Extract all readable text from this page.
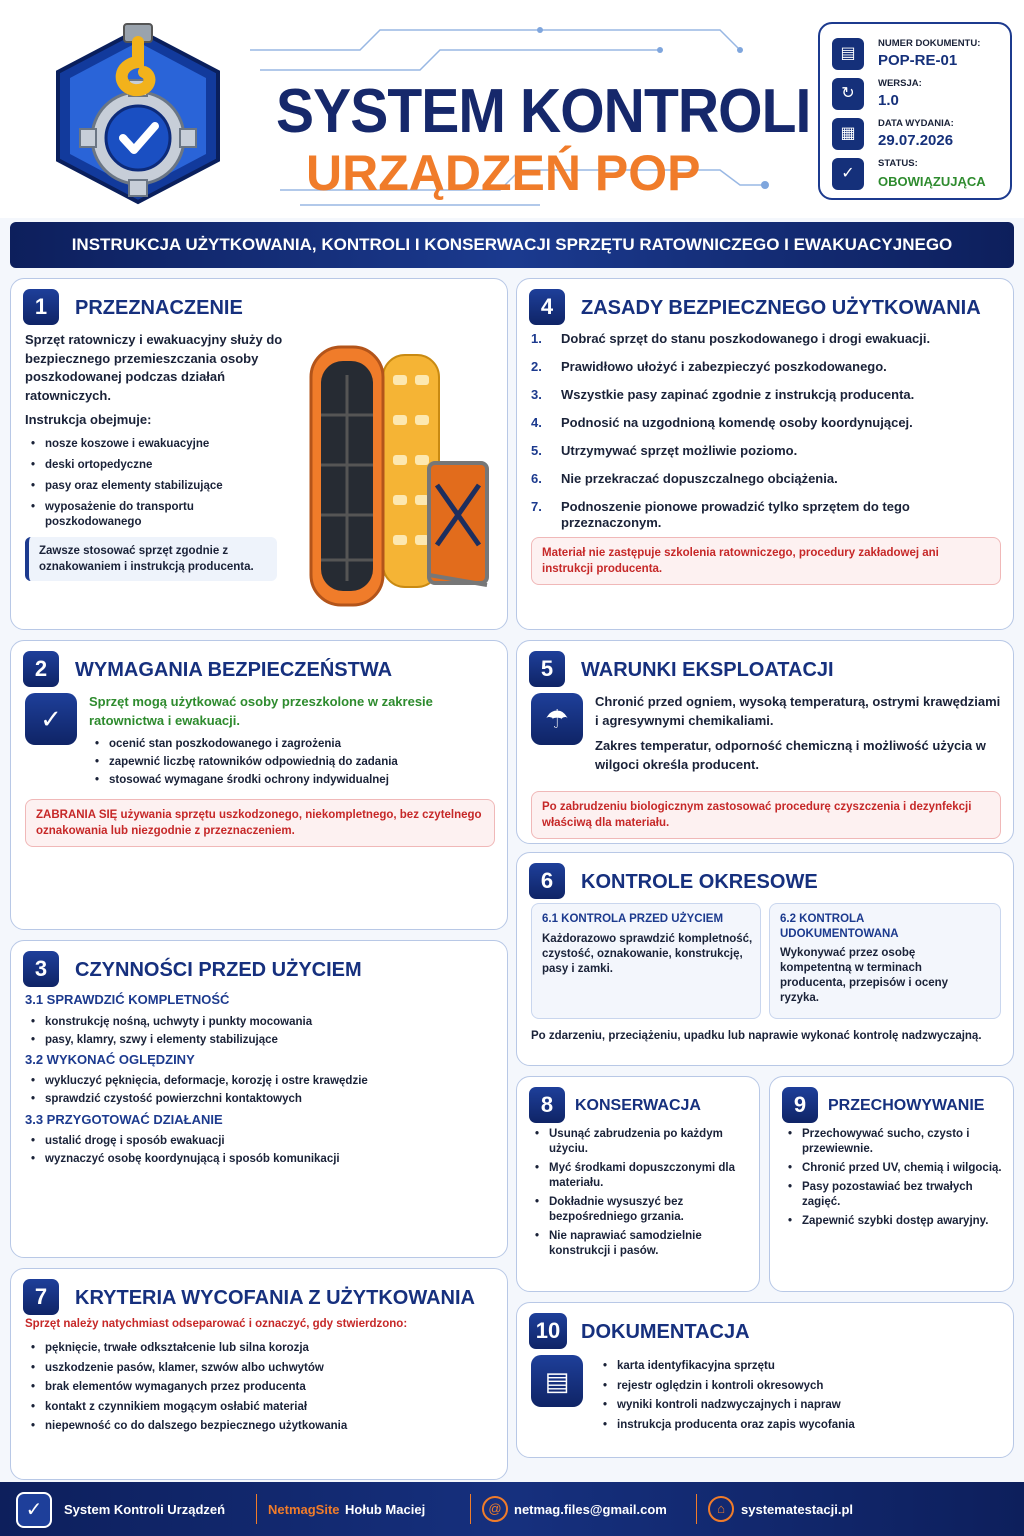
SYSTEM KONTROLI
URZĄDZEŃ POP
▤
NUMER DOKUMENTU:
POP-RE-01
↻
WERSJA:
1.0
▦
DATA WYDANIA:
29.07.2026
✓
STATUS:
OBOWIĄZUJĄCA
INSTRUKCJA UŻYTKOWANIA, KONTROLI I KONSERWACJI SPRZĘTU RATOWNICZEGO I EWAKUACYJNEGO
1	PRZEZNACZENIE
Sprzęt ratowniczy i ewakuacyjny służy do bezpiecznego przemieszczania osoby poszkodowanej podczas działań ratowniczych.
Instrukcja obejmuje:
• nosze koszowe i ewakuacyjne
• deski ortopedyczne
• pasy oraz elementy stabilizujące
• wyposażenie do transportu poszkodowanego
Zawsze stosować sprzęt zgodnie z oznakowaniem i instrukcją producenta.
4	ZASADY BEZPIECZNEGO UŻYTKOWANIA
1. Dobrać sprzęt do stanu poszkodowanego i drogi ewakuacji.
2. Prawidłowo ułożyć i zabezpieczyć poszkodowanego.
3. Wszystkie pasy zapinać zgodnie z instrukcją producenta.
4. Podnosić na uzgodnioną komendę osoby koordynującej.
5. Utrzymywać sprzęt możliwie poziomo.
6. Nie przekraczać dopuszczalnego obciążenia.
7. Podnoszenie pionowe prowadzić tylko sprzętem do tego przeznaczonym.
Materiał nie zastępuje szkolenia ratowniczego, procedury zakładowej ani instrukcji producenta.
2	WYMAGANIA BEZPIECZEŃSTWA
✓
Sprzęt mogą użytkować osoby przeszkolone w zakresie ratownictwa i ewakuacji.
• ocenić stan poszkodowanego i zagrożenia
• zapewnić liczbę ratowników odpowiednią do zadania
• stosować wymagane środki ochrony indywidualnej
ZABRANIA SIĘ używania sprzętu uszkodzonego, niekompletnego, bez czytelnego oznakowania lub niezgodnie z przeznaczeniem.
5	WARUNKI EKSPLOATACJI
☂
Chronić przed ogniem, wysoką temperaturą, ostrymi krawędziami i agresywnymi chemikaliami.
Zakres temperatur, odporność chemiczną i możliwość użycia w wilgoci określa producent.
Po zabrudzeniu biologicznym zastosować procedurę czyszczenia i dezynfekcji właściwą dla materiału.
6	KONTROLE OKRESOWE
6.1 KONTROLA PRZED UŻYCIEM
Każdorazowo sprawdzić kompletność, czystość, oznakowanie, konstrukcję, pasy i zamki.
6.2 KONTROLA UDOKUMENTOWANA
Wykonywać przez osobę kompetentną w terminach producenta, przepisów i oceny ryzyka.
Po zdarzeniu, przeciążeniu, upadku lub naprawie wykonać kontrolę nadzwyczajną.
3	CZYNNOŚCI PRZED UŻYCIEM
3.1 SPRAWDZIĆ KOMPLETNOŚĆ
• konstrukcję nośną, uchwyty i punkty mocowania
• pasy, klamry, szwy i elementy stabilizujące
3.2 WYKONAĆ OGLĘDZINY
• wykluczyć pęknięcia, deformacje, korozję i ostre krawędzie
• sprawdzić czystość powierzchni kontaktowych
3.3 PRZYGOTOWAĆ DZIAŁANIE
• ustalić drogę i sposób ewakuacji
• wyznaczyć osobę koordynującą i sposób komunikacji
8	KONSERWACJA
• Usunąć zabrudzenia po każdym użyciu.
• Myć środkami dopuszczonymi dla materiału.
• Dokładnie wysuszyć bez bezpośredniego grzania.
• Nie naprawiać samodzielnie konstrukcji i pasów.
9	PRZECHOWYWANIE
• Przechowywać sucho, czysto i przewiewnie.
• Chronić przed UV, chemią i wilgocią.
• Pasy pozostawiać bez trwałych zagięć.
• Zapewnić szybki dostęp awaryjny.
7	KRYTERIA WYCOFANIA Z UŻYTKOWANIA
Sprzęt należy natychmiast odseparować i oznaczyć, gdy stwierdzono:
• pęknięcie, trwałe odkształcenie lub silna korozja
• uszkodzenie pasów, klamer, szwów albo uchwytów
• brak elementów wymaganych przez producenta
• kontakt z czynnikiem mogącym osłabić materiał
• niepewność co do dalszego bezpiecznego użytkowania
10	DOKUMENTACJA
▤
•	karta identyfikacyjna sprzętu
• rejestr oględzin i kontroli okresowych
• wyniki kontroli nadzwyczajnych i napraw
• instrukcja producenta oraz zapis wycofania
✓	System Kontroli Urządzeń	NetmagSite Hołub Maciej	@ netmag.files@gmail.com	⌂	systematestacji.pl
